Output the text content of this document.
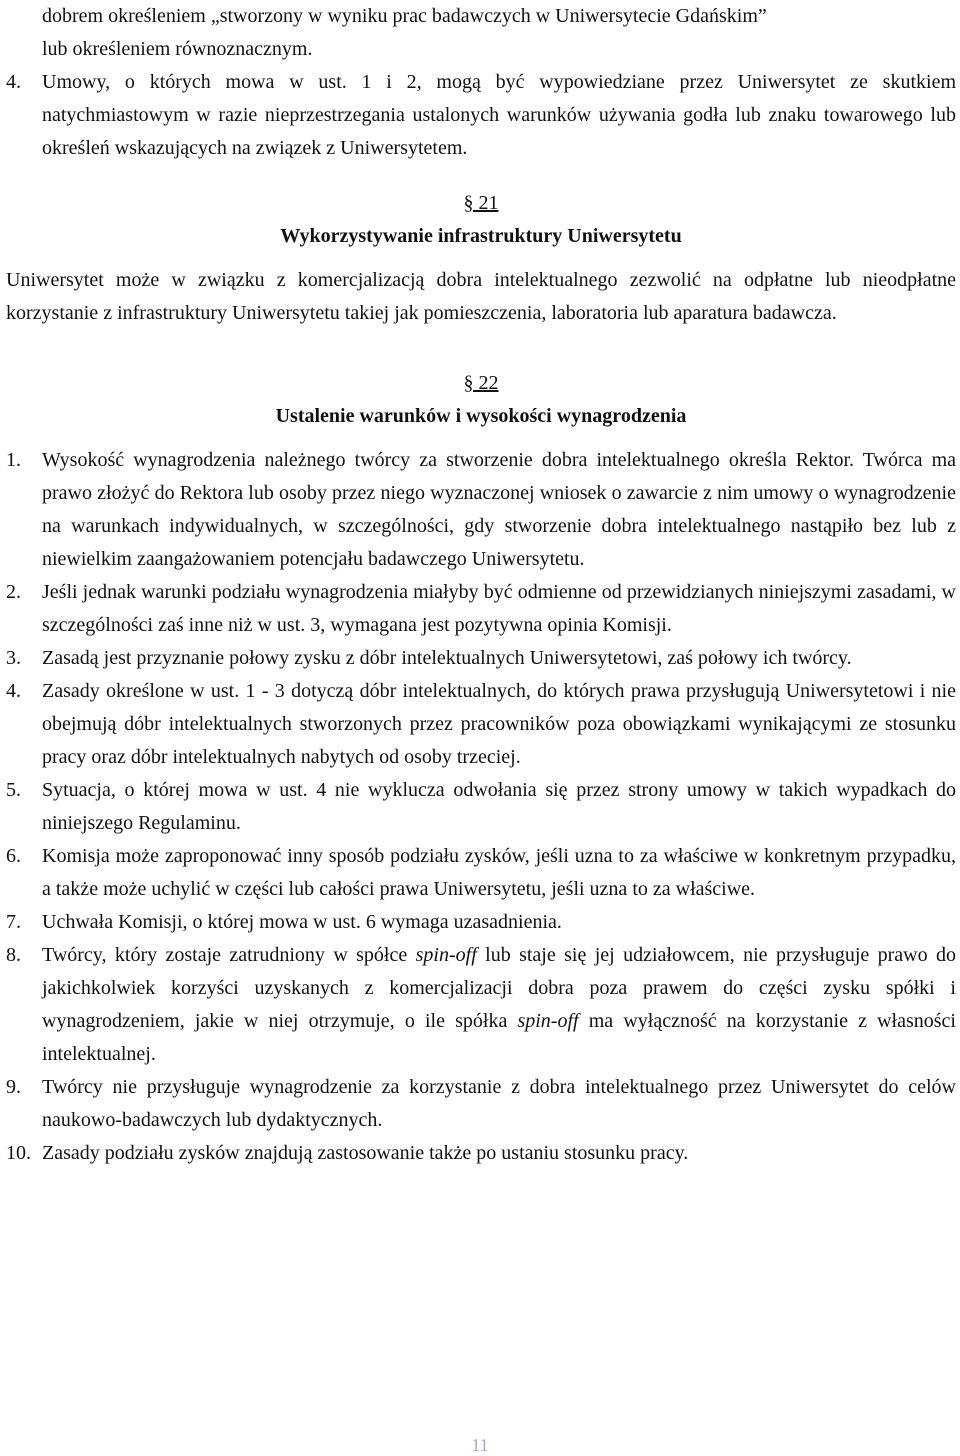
dobrem określeniem „stworzony w wyniku prac badawczych w Uniwersytecie Gdańskim”
lub określeniem równoznacznym.
4.	Umowy, o których mowa w ust. 1 i 2, mogą być wypowiedziane przez Uniwersytet ze skutkiem natychmiastowym w razie nieprzestrzegania ustalonych warunków używania godła lub znaku towarowego lub określeń wskazujących na związek z Uniwersytetem.
§ 21
Wykorzystywanie infrastruktury Uniwersytetu
Uniwersytet może w związku z komercjalizacją dobra intelektualnego zezwolić na odpłatne lub nieodpłatne korzystanie z infrastruktury Uniwersytetu takiej jak pomieszczenia, laboratoria lub aparatura badawcza.
§ 22
Ustalenie warunków i wysokości wynagrodzenia
1.	Wysokość wynagrodzenia należnego twórcy za stworzenie dobra intelektualnego określa Rektor. Twórca ma prawo złożyć do Rektora lub osoby przez niego wyznaczonej wniosek o zawarcie z nim umowy o wynagrodzenie na warunkach indywidualnych, w szczególności, gdy stworzenie dobra intelektualnego nastąpiło bez lub z niewielkim zaangażowaniem potencjału badawczego Uniwersytetu.
2.	Jeśli jednak warunki podziału wynagrodzenia miałyby być odmienne od przewidzianych niniejszymi zasadami, w szczególności zaś inne niż w ust. 3, wymagana jest pozytywna opinia Komisji.
3.	Zasadą jest przyznanie połowy zysku z dóbr intelektualnych Uniwersytetowi, zaś połowy ich twórcy.
4.	Zasady określone w ust. 1 - 3 dotyczą dóbr intelektualnych, do których prawa przysługują Uniwersytetowi i nie obejmują dóbr intelektualnych stworzonych przez pracowników poza obowiązkami wynikającymi ze stosunku pracy oraz dóbr intelektualnych nabytych od osoby trzeciej.
5.	Sytuacja, o której mowa w ust. 4 nie wyklucza odwołania się przez strony umowy w takich wypadkach do niniejszego Regulaminu.
6.	Komisja może zaproponować inny sposób podziału zysków, jeśli uzna to za właściwe w konkretnym przypadku, a także może uchylić w części lub całości prawa Uniwersytetu, jeśli uzna to za właściwe.
7.	Uchwała Komisji, o której mowa w ust. 6 wymaga uzasadnienia.
8.	Twórcy, który zostaje zatrudniony w spółce spin-off lub staje się jej udziałowcem, nie przysługuje prawo do jakichkolwiek korzyści uzyskanych z komercjalizacji dobra poza prawem do części zysku spółki i wynagrodzeniem, jakie w niej otrzymuje, o ile spółka spin-off ma wyłączność na korzystanie z własności intelektualnej.
9.	Twórcy nie przysługuje wynagrodzenie za korzystanie z dobra intelektualnego przez Uniwersytet do celów naukowo-badawczych lub dydaktycznych.
10. Zasady podziału zysków znajdują zastosowanie także po ustaniu stosunku pracy.
11
